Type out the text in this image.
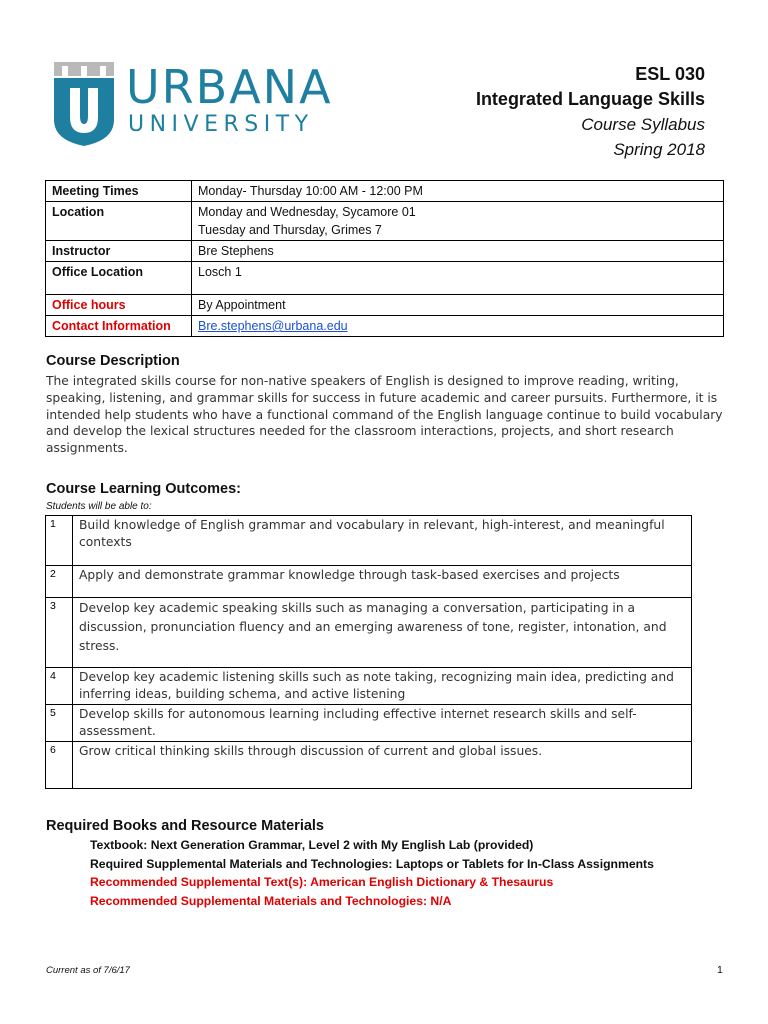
URBANA
UNIVERSITY
ESL 030
Integrated Language Skills
Course Syllabus
Spring 2018
Meeting Times	Monday- Thursday 10:00 AM - 12:00 PM
Location	Monday and Wednesday, Sycamore 01
Tuesday and Thursday, Grimes 7

Instructor	Bre Stephens
Office Location	Losch 1
Office hours	By Appointment
Contact Information	Bre.stephens@urbana.edu
Course Description
The integrated skills course for non-native speakers of English is designed to improve reading, writing, speaking, listening, and grammar skills for success in future academic and career pursuits. Furthermore, it is intended help students who have a functional command of the English language continue to build vocabulary and develop the lexical structures needed for the classroom interactions, projects, and short research assignments.
Course Learning Outcomes:
Students will be able to:
1	Build knowledge of English grammar and vocabulary in relevant, high-interest, and meaningful contexts
2	Apply and demonstrate grammar knowledge through task-based exercises and projects
3	Develop key academic speaking skills such as managing a conversation, participating in a discussion, pronunciation fluency and an emerging awareness of tone, register, intonation, and stress.
4	Develop key academic listening skills such as note taking, recognizing main idea, predicting and inferring ideas, building schema, and active listening
5	Develop skills for autonomous learning including effective internet research skills and self-assessment.
6	Grow critical thinking skills through discussion of current and global issues.
Required Books and Resource Materials
Textbook: Next Generation Grammar, Level 2 with My English Lab (provided)
Required Supplemental Materials and Technologies: Laptops or Tablets for In-Class Assignments
Recommended Supplemental Text(s): American English Dictionary & Thesaurus
Recommended Supplemental Materials and Technologies: N/A
Current as of 7/6/17	1
